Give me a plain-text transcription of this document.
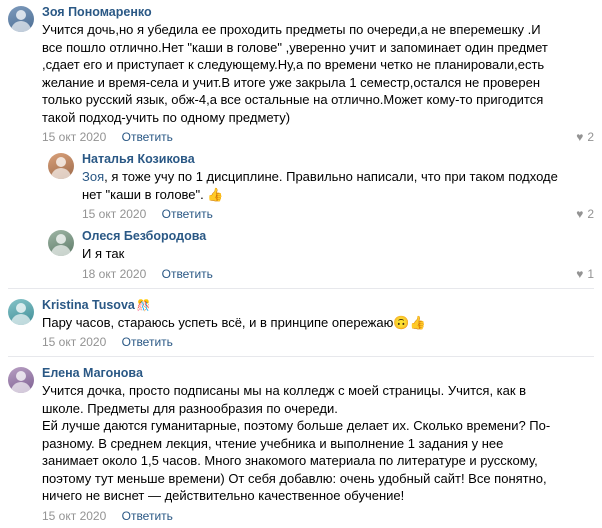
Зоя Пономаренко
Учится дочь,но я убедила ее проходить предметы по очереди,а не вперемешку .И все пошло отлично.Нет "каши в голове" ,уверенно учит и запоминает один предмет ,сдает его и приступает к следующему.Ну,а по времени четко не планировали,есть желание и время-села и учит.В итоге уже закрыла 1 семестр,остался не проверен только русский язык, обж-4,а все остальные на отлично.Может кому-то пригодится такой подход-учить по одному предмету)
15 окт 2020 Ответить	♥ 2
Наталья Козикова
Зоя, я тоже учу по 1 дисциплине. Правильно написали, что при таком подходе нет "каши в голове". 👍
15 окт 2020 Ответить	♥ 2
Олеся Безбородова
И я так
18 окт 2020 Ответить	♥ 1
Kristina Tusova 🎊
Пару часов, стараюсь успеть всё, и в принципе опережаю🙃👍
15 окт 2020 Ответить
Елена Магонова
Учится дочка, просто подписаны мы на колледж с моей страницы. Учится, как в школе. Предметы для разнообразия по очереди.
Ей лучше даются гуманитарные, поэтому больше делает их. Сколько времени? По-разному. В среднем лекция, чтение учебника и выполнение 1 задания у нее занимает около 1,5 часов. Много знакомого материала по литературе и русскому, поэтому тут меньше времени) От себя добавлю: очень удобный сайт! Все понятно, ничего не виснет — действительно качественное обучение!
15 окт 2020 Ответить
